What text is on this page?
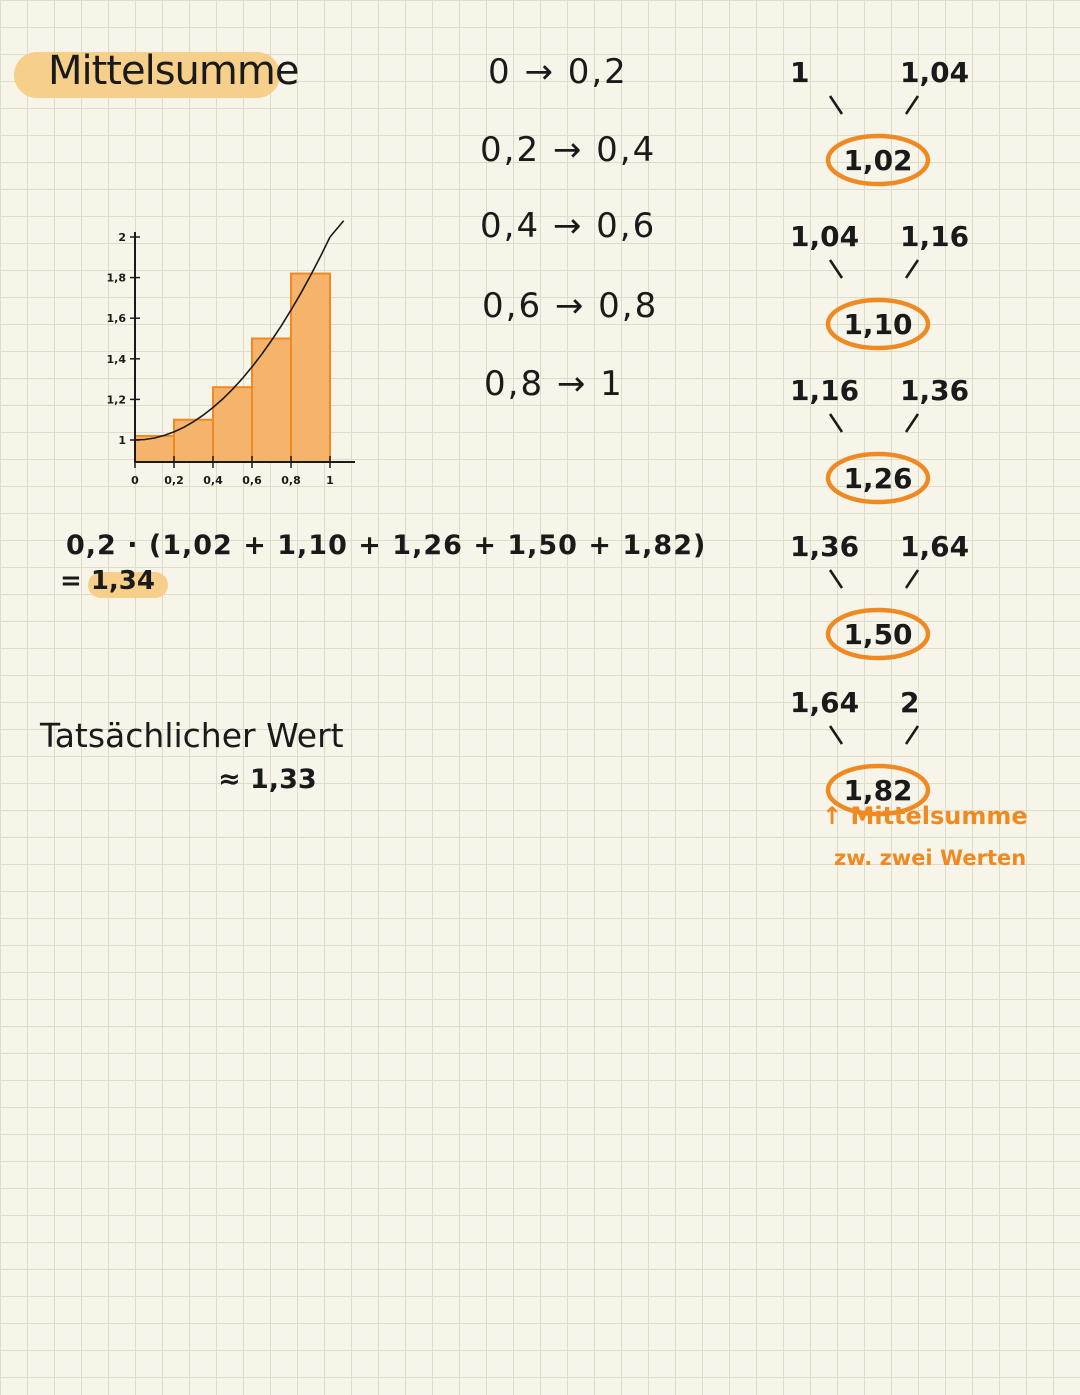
Mittelsumme	0 → 0,2
0,2 → 0,4
0,4 → 0,6
0,6 → 0,8
0,8 → 1
0 0,2 0,4 0,6 0,8 1
1
1,2
1,4
1,6
1,8
2
0,2 · (1,02 + 1,10 + 1,26 + 1,50 + 1,82)
= 1,34
Tatsächlicher Wert
≈ 1,33
1	1,04
1,02
1,04 1,16
1,10
1,16 1,36
1,26
1,36 1,64
1,50
1,64 2
1,82
↑ Mittelsumme
zw. zwei Werten
